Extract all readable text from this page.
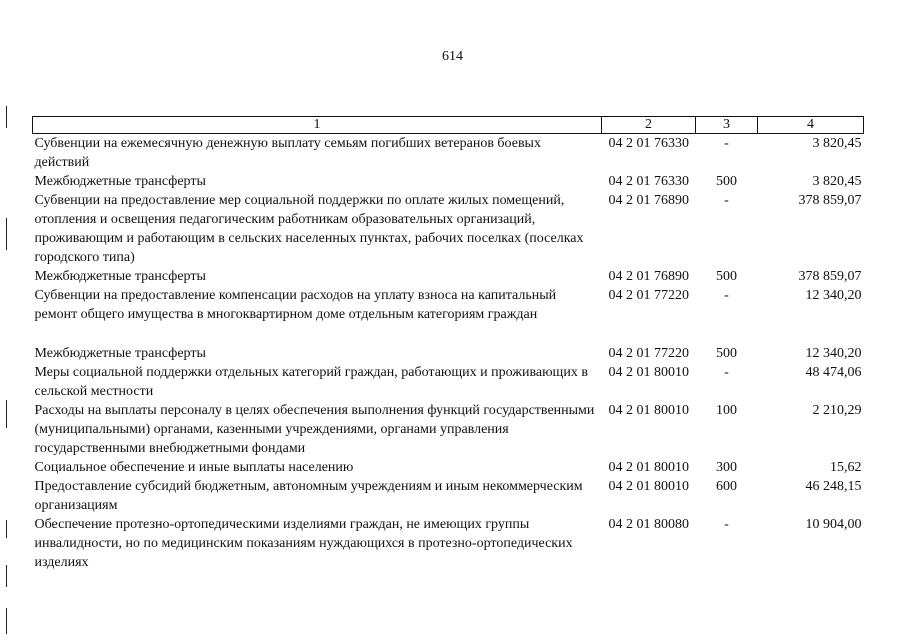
614
1	2	3	4
Субвенции на ежемесячную денежную выплату семьям погибших ветеранов боевых действий	04 2 01 76330	-	3 820,45
Межбюджетные трансферты	04 2 01 76330	500	3 820,45
Субвенции на предоставление мер социальной поддержки по оплате жилых помещений, отопления и освещения педагогическим работникам образовательных организаций, проживающим и работающим в сельских населенных пунктах, рабочих поселках (поселках городского типа)	04 2 01 76890	-	378 859,07
Межбюджетные трансферты	04 2 01 76890	500	378 859,07
Субвенции на предоставление компенсации расходов на уплату взноса на капитальный ремонт общего имущества в многоквартирном доме отдельным категориям граждан	04 2 01 77220	-	12 340,20
Межбюджетные трансферты	04 2 01 77220	500	12 340,20
Меры социальной поддержки отдельных категорий граждан, работающих и проживающих в сельской местности	04 2 01 80010	-	48 474,06
Расходы на выплаты персоналу в целях обеспечения выполнения функций государственными (муниципальными) органами, казенными учреждениями, органами управления государственными внебюджетными фондами	04 2 01 80010	100	2 210,29
Социальное обеспечение и иные выплаты населению	04 2 01 80010	300	15,62
Предоставление субсидий бюджетным, автономным учреждениям и иным некоммерческим организациям	04 2 01 80010	600	46 248,15
Обеспечение протезно-ортопедическими изделиями граждан, не имеющих группы инвалидности, но по медицинским показаниям нуждающихся в протезно-ортопедических изделиях	04 2 01 80080	-	10 904,00
